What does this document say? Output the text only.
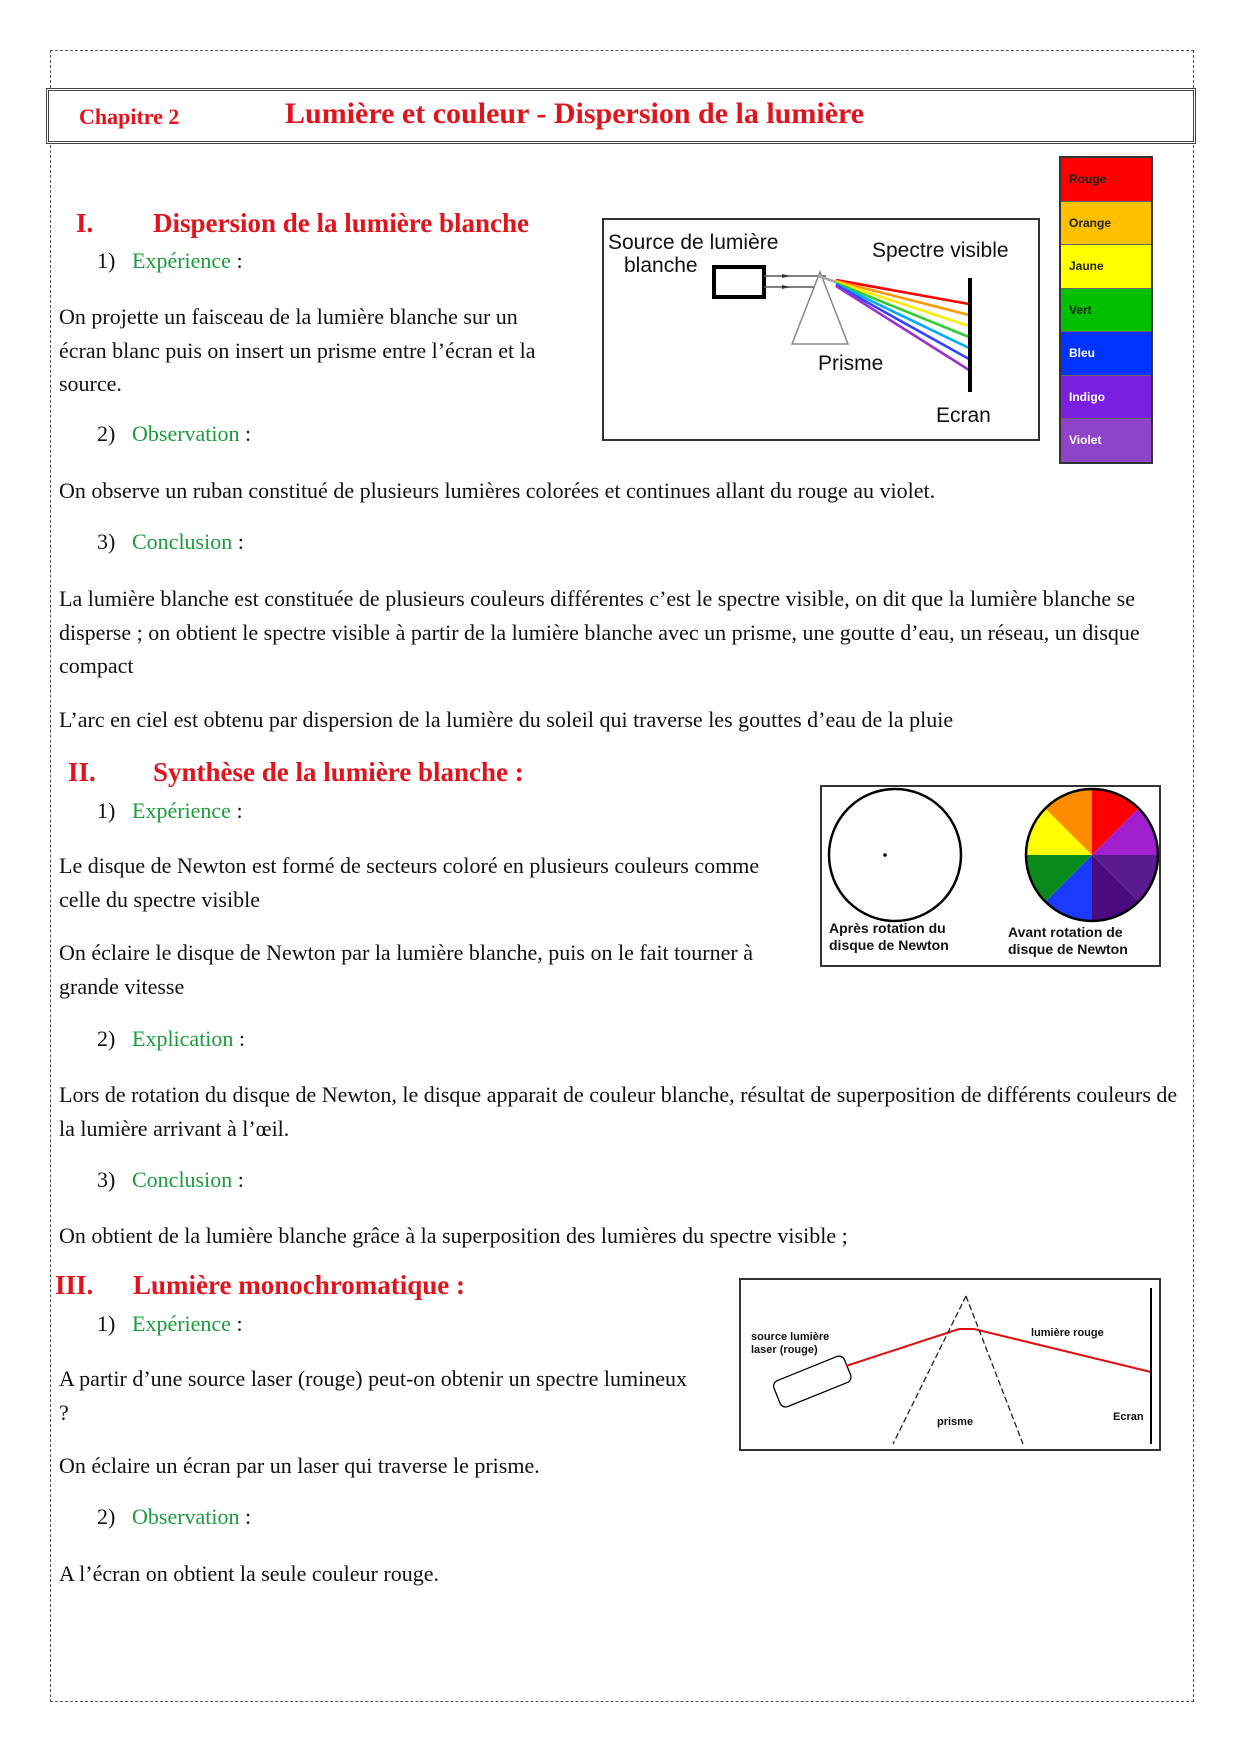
Chapitre 2	Lumière et couleur - Dispersion de la lumière
I. Dispersion de la lumière blanche
1) Expérience :

On projette un faisceau de la lumière blanche sur un écran blanc puis on insert un prisme entre l’écran et la source.

2) Observation :

On observe un ruban constitué de plusieurs lumières colorées et continues allant du rouge au violet.

3) Conclusion :

La lumière blanche est constituée de plusieurs couleurs différentes c’est le spectre visible, on dit que la lumière blanche se disperse ; on obtient le spectre visible à partir de la lumière blanche avec un prisme, une goutte d’eau, un réseau, un disque compact

L’arc en ciel est obtenu par dispersion de la lumière du soleil qui traverse les gouttes d’eau de la pluie

Source de lumière
blanche
Spectre visible
Prisme
Ecran
Rouge
Orange
Jaune
Vert
Bleu
Indigo
Violet
II. Synthèse de la lumière blanche :
1) Expérience :

Le disque de Newton est formé de secteurs coloré en plusieurs couleurs comme celle du spectre visible

On éclaire le disque de Newton par la lumière blanche, puis on le fait tourner à grande vitesse

2) Explication :

Lors de rotation du disque de Newton, le disque apparait de couleur blanche, résultat de superposition de différents couleurs de la lumière arrivant à l’œil.

3) Conclusion :

On obtient de la lumière blanche grâce à la superposition des lumières du spectre visible ;

Après rotation du
disque de Newton
Avant rotation de
disque de Newton
III. Lumière monochromatique :
1) Expérience :

A partir d’une source laser (rouge) peut-on obtenir un spectre lumineux ?

On éclaire un écran par un laser qui traverse le prisme.

2) Observation :

A l’écran on obtient la seule couleur rouge.

source lumière
laser (rouge)
lumière rouge
prisme	Ecran
